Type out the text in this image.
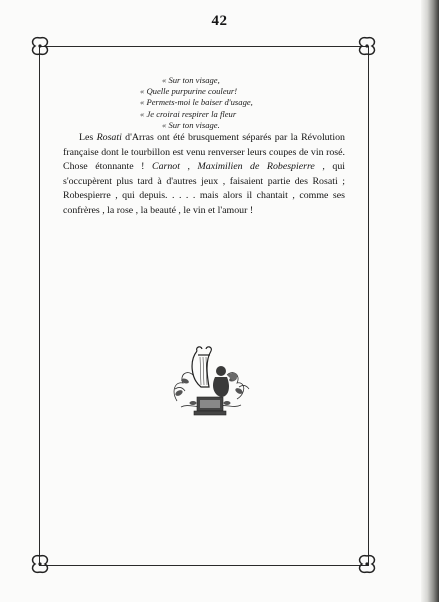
42
« Sur ton visage,
« Quelle purpurine couleur!
« Permets-moi le baiser d'usage,
« Je croirai respirer la fleur
« Sur ton visage.
Les Rosati d'Arras ont été brusquement séparés par la Révolution française dont le tourbillon est venu renverser leurs coupes de vin rosé. Chose étonnante ! Carnot , Maximilien de Robespierre , qui s'occupèrent plus tard à d'autres jeux , faisaient partie des Rosati ; Robespierre , qui depuis. . . . . mais alors il chantait , comme ses confrères , la rose , la beauté , le vin et l'amour !
